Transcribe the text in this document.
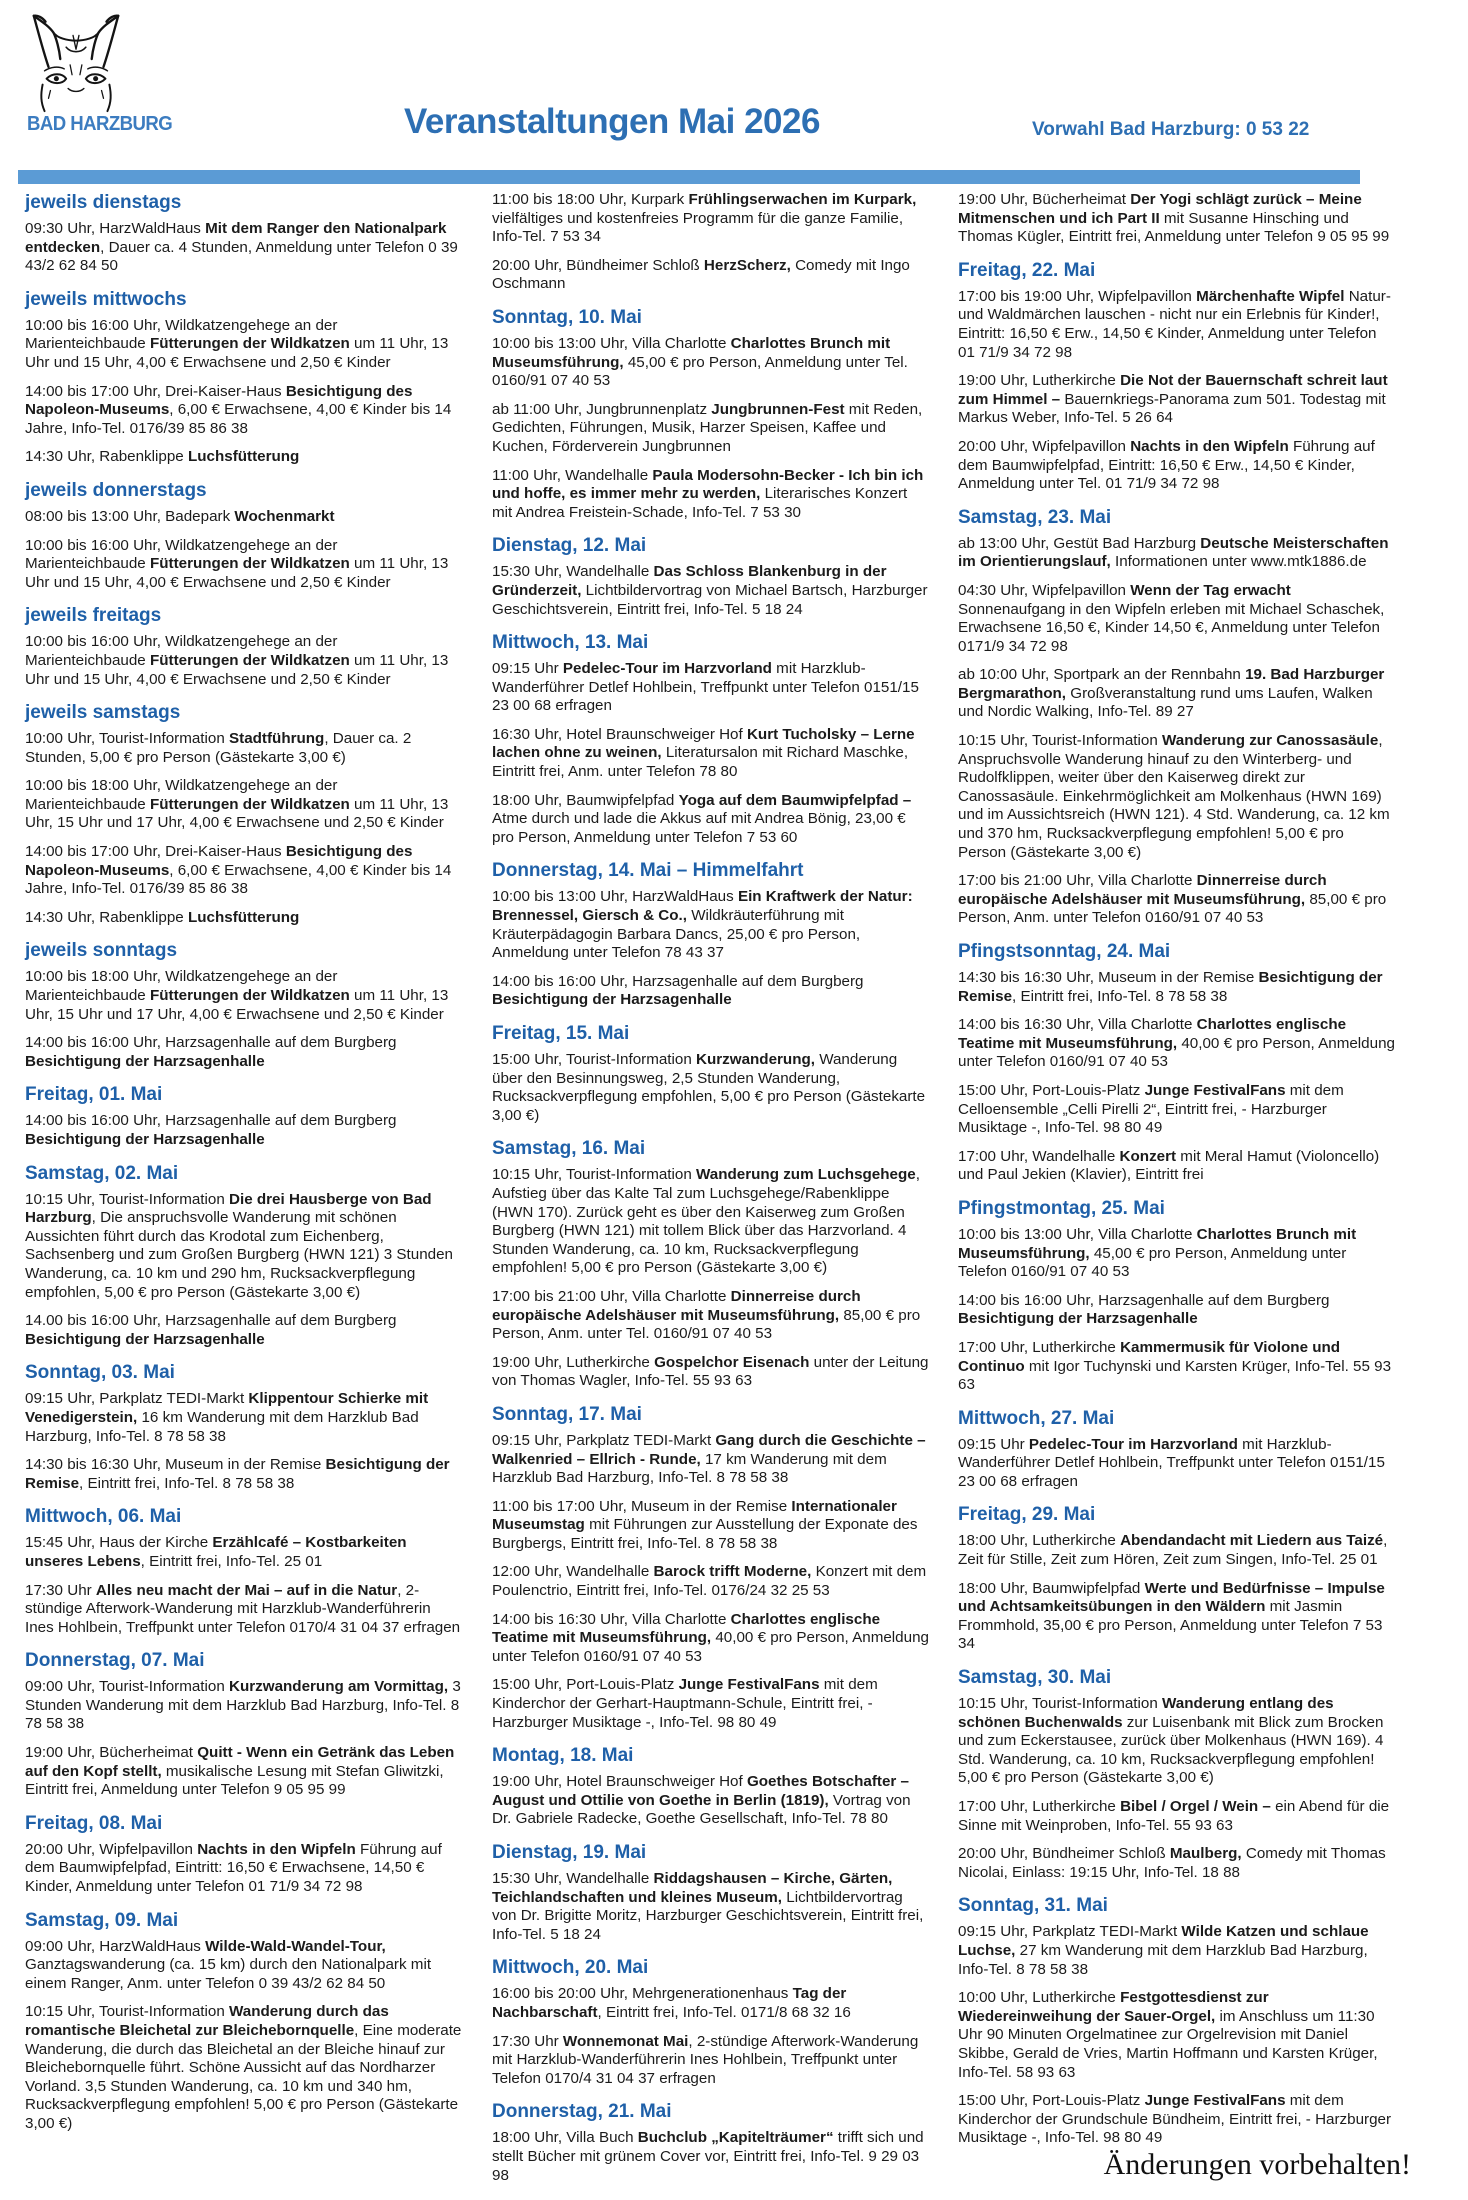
BAD HARZBURG	Veranstaltungen Mai 2026	Vorwahl Bad Harzburg: 0 53 22
jeweils dienstags

09:30 Uhr, HarzWaldHaus Mit dem Ranger den Nationalpark entdecken, Dauer ca. 4 Stunden, Anmeldung unter Telefon 0 39 43/2 62 84 50

jeweils mittwochs

10:00 bis 16:00 Uhr, Wildkatzengehege an der Marienteichbaude Fütterungen der Wildkatzen um 11 Uhr, 13 Uhr und 15 Uhr, 4,00 € Erwachsene und 2,50 € Kinder

14:00 bis 17:00 Uhr, Drei-Kaiser-Haus Besichtigung des Napoleon-Museums, 6,00 € Erwachsene, 4,00 € Kinder bis 14 Jahre, Info-Tel. 0176/39 85 86 38

14:30 Uhr, Rabenklippe Luchsfütterung

jeweils donnerstags

08:00 bis 13:00 Uhr, Badepark Wochenmarkt

10:00 bis 16:00 Uhr, Wildkatzengehege an der Marienteichbaude Fütterungen der Wildkatzen um 11 Uhr, 13 Uhr und 15 Uhr, 4,00 € Erwachsene und 2,50 € Kinder

jeweils freitags

10:00 bis 16:00 Uhr, Wildkatzengehege an der Marienteichbaude Fütterungen der Wildkatzen um 11 Uhr, 13 Uhr und 15 Uhr, 4,00 € Erwachsene und 2,50 € Kinder

jeweils samstags

10:00 Uhr, Tourist-Information Stadtführung, Dauer ca. 2 Stunden, 5,00 € pro Person (Gästekarte 3,00 €)

10:00 bis 18:00 Uhr, Wildkatzengehege an der Marienteichbaude Fütterungen der Wildkatzen um 11 Uhr, 13 Uhr, 15 Uhr und 17 Uhr, 4,00 € Erwachsene und 2,50 € Kinder

14:00 bis 17:00 Uhr, Drei-Kaiser-Haus Besichtigung des Napoleon-Museums, 6,00 € Erwachsene, 4,00 € Kinder bis 14 Jahre, Info-Tel. 0176/39 85 86 38

14:30 Uhr, Rabenklippe Luchsfütterung

jeweils sonntags

10:00 bis 18:00 Uhr, Wildkatzengehege an der Marienteichbaude Fütterungen der Wildkatzen um 11 Uhr, 13 Uhr, 15 Uhr und 17 Uhr, 4,00 € Erwachsene und 2,50 € Kinder

14:00 bis 16:00 Uhr, Harzsagenhalle auf dem Burgberg Besichtigung der Harzsagenhalle

Freitag, 01. Mai

14:00 bis 16:00 Uhr, Harzsagenhalle auf dem Burgberg Besichtigung der Harzsagenhalle

Samstag, 02. Mai

10:15 Uhr, Tourist-Information Die drei Hausberge von Bad Harzburg, Die anspruchsvolle Wanderung mit schönen Aussichten führt durch das Krodotal zum Eichenberg, Sachsenberg und zum Großen Burgberg (HWN 121) 3 Stunden Wanderung, ca. 10 km und 290 hm, Rucksackverpflegung empfohlen, 5,00 € pro Person (Gästekarte 3,00 €)

14.00 bis 16:00 Uhr, Harzsagenhalle auf dem Burgberg Besichtigung der Harzsagenhalle

Sonntag, 03. Mai

09:15 Uhr, Parkplatz TEDI-Markt Klippentour Schierke mit Venedigerstein, 16 km Wanderung mit dem Harzklub Bad Harzburg, Info-Tel. 8 78 58 38

14:30 bis 16:30 Uhr, Museum in der Remise Besichtigung der Remise, Eintritt frei, Info-Tel. 8 78 58 38

Mittwoch, 06. Mai

15:45 Uhr, Haus der Kirche Erzählcafé – Kostbarkeiten unseres Lebens, Eintritt frei, Info-Tel. 25 01

17:30 Uhr Alles neu macht der Mai – auf in die Natur, 2-stündige Afterwork-Wanderung mit Harzklub-Wanderführerin Ines Hohlbein, Treffpunkt unter Telefon 0170/4 31 04 37 erfragen

Donnerstag, 07. Mai

09:00 Uhr, Tourist-Information Kurzwanderung am Vormittag, 3 Stunden Wanderung mit dem Harzklub Bad Harzburg, Info-Tel. 8 78 58 38

19:00 Uhr, Bücherheimat Quitt - Wenn ein Getränk das Leben auf den Kopf stellt, musikalische Lesung mit Stefan Gliwitzki, Eintritt frei, Anmeldung unter Telefon 9 05 95 99

Freitag, 08. Mai

20:00 Uhr, Wipfelpavillon Nachts in den Wipfeln Führung auf dem Baumwipfelpfad, Eintritt: 16,50 € Erwachsene, 14,50 € Kinder, Anmeldung unter Telefon 01 71/9 34 72 98

Samstag, 09. Mai

09:00 Uhr, HarzWaldHaus Wilde-Wald-Wandel-Tour, Ganztagswanderung (ca. 15 km) durch den Nationalpark mit einem Ranger, Anm. unter Telefon 0 39 43/2 62 84 50

10:15 Uhr, Tourist-Information Wanderung durch das romantische Bleichetal zur Bleichebornquelle, Eine moderate Wanderung, die durch das Bleichetal an der Bleiche hinauf zur Bleichebornquelle führt. Schöne Aussicht auf das Nordharzer Vorland. 3,5 Stunden Wanderung, ca. 10 km und 340 hm, Rucksackverpflegung empfohlen! 5,00 € pro Person (Gästekarte 3,00 €)

11:00 bis 18:00 Uhr, Kurpark Frühlingserwachen im Kurpark, vielfältiges und kostenfreies Programm für die ganze Familie, Info-Tel. 7 53 34

20:00 Uhr, Bündheimer Schloß HerzScherz, Comedy mit Ingo Oschmann

Sonntag, 10. Mai

10:00 bis 13:00 Uhr, Villa Charlotte Charlottes Brunch mit Museumsführung, 45,00 € pro Person, Anmeldung unter Tel. 0160/91 07 40 53

ab 11:00 Uhr, Jungbrunnenplatz Jungbrunnen-Fest mit Reden, Gedichten, Führungen, Musik, Harzer Speisen, Kaffee und Kuchen, Förderverein Jungbrunnen

11:00 Uhr, Wandelhalle Paula Modersohn-Becker - Ich bin ich und hoffe, es immer mehr zu werden, Literarisches Konzert mit Andrea Freistein-Schade, Info-Tel. 7 53 30

Dienstag, 12. Mai

15:30 Uhr, Wandelhalle Das Schloss Blankenburg in der Gründerzeit, Lichtbildervortrag von Michael Bartsch, Harzburger Geschichtsverein, Eintritt frei, Info-Tel. 5 18 24

Mittwoch, 13. Mai

09:15 Uhr Pedelec-Tour im Harzvorland mit Harzklub-Wanderführer Detlef Hohlbein, Treffpunkt unter Telefon 0151/15 23 00 68 erfragen

16:30 Uhr, Hotel Braunschweiger Hof Kurt Tucholsky – Lerne lachen ohne zu weinen, Literatursalon mit Richard Maschke, Eintritt frei, Anm. unter Telefon 78 80

18:00 Uhr, Baumwipfelpfad Yoga auf dem Baumwipfelpfad – Atme durch und lade die Akkus auf mit Andrea Bönig, 23,00 € pro Person, Anmeldung unter Telefon 7 53 60

Donnerstag, 14. Mai – Himmelfahrt

10:00 bis 13:00 Uhr, HarzWaldHaus Ein Kraftwerk der Natur: Brennessel, Giersch & Co., Wildkräuterführung mit Kräuterpädagogin Barbara Dancs, 25,00 € pro Person, Anmeldung unter Telefon 78 43 37

14:00 bis 16:00 Uhr, Harzsagenhalle auf dem Burgberg Besichtigung der Harzsagenhalle

Freitag, 15. Mai

15:00 Uhr, Tourist-Information Kurzwanderung, Wanderung über den Besinnungsweg, 2,5 Stunden Wanderung, Rucksackverpflegung empfohlen, 5,00 € pro Person (Gästekarte 3,00 €)

Samstag, 16. Mai

10:15 Uhr, Tourist-Information Wanderung zum Luchsgehege, Aufstieg über das Kalte Tal zum Luchsgehege/Rabenklippe (HWN 170). Zurück geht es über den Kaiserweg zum Großen Burgberg (HWN 121) mit tollem Blick über das Harzvorland. 4 Stunden Wanderung, ca. 10 km, Rucksackverpflegung empfohlen! 5,00 € pro Person (Gästekarte 3,00 €)

17:00 bis 21:00 Uhr, Villa Charlotte Dinnerreise durch europäische Adelshäuser mit Museumsführung, 85,00 € pro Person, Anm. unter Tel. 0160/91 07 40 53

19:00 Uhr, Lutherkirche Gospelchor Eisenach unter der Leitung von Thomas Wagler, Info-Tel. 55 93 63

Sonntag, 17. Mai

09:15 Uhr, Parkplatz TEDI-Markt Gang durch die Geschichte – Walkenried – Ellrich - Runde, 17 km Wanderung mit dem Harzklub Bad Harzburg, Info-Tel. 8 78 58 38

11:00 bis 17:00 Uhr, Museum in der Remise Internationaler Museumstag mit Führungen zur Ausstellung der Exponate des Burgbergs, Eintritt frei, Info-Tel. 8 78 58 38

12:00 Uhr, Wandelhalle Barock trifft Moderne, Konzert mit dem Poulenctrio, Eintritt frei, Info-Tel. 0176/24 32 25 53

14:00 bis 16:30 Uhr, Villa Charlotte Charlottes englische Teatime mit Museumsführung, 40,00 € pro Person, Anmeldung unter Telefon 0160/91 07 40 53

15:00 Uhr, Port-Louis-Platz Junge FestivalFans mit dem Kinderchor der Gerhart-Hauptmann-Schule, Eintritt frei, - Harzburger Musiktage -, Info-Tel. 98 80 49

Montag, 18. Mai

19:00 Uhr, Hotel Braunschweiger Hof Goethes Botschafter – August und Ottilie von Goethe in Berlin (1819), Vortrag von Dr. Gabriele Radecke, Goethe Gesellschaft, Info-Tel. 78 80

Dienstag, 19. Mai

15:30 Uhr, Wandelhalle Riddagshausen – Kirche, Gärten, Teichlandschaften und kleines Museum, Lichtbildervortrag von Dr. Brigitte Moritz, Harzburger Geschichtsverein, Eintritt frei, Info-Tel. 5 18 24

Mittwoch, 20. Mai

16:00 bis 20:00 Uhr, Mehrgenerationenhaus Tag der Nachbarschaft, Eintritt frei, Info-Tel. 0171/8 68 32 16

17:30 Uhr Wonnemonat Mai, 2-stündige Afterwork-Wanderung mit Harzklub-Wanderführerin Ines Hohlbein, Treffpunkt unter Telefon 0170/4 31 04 37 erfragen

Donnerstag, 21. Mai

18:00 Uhr, Villa Buch Buchclub „Kapitelträumer“ trifft sich und stellt Bücher mit grünem Cover vor, Eintritt frei, Info-Tel. 9 29 03 98

19:00 Uhr, Bücherheimat Der Yogi schlägt zurück – Meine Mitmenschen und ich Part II mit Susanne Hinsching und Thomas Kügler, Eintritt frei, Anmeldung unter Telefon 9 05 95 99

Freitag, 22. Mai

17:00 bis 19:00 Uhr, Wipfelpavillon Märchenhafte Wipfel Natur- und Waldmärchen lauschen - nicht nur ein Erlebnis für Kinder!, Eintritt: 16,50 € Erw., 14,50 € Kinder, Anmeldung unter Telefon 01 71/9 34 72 98

19:00 Uhr, Lutherkirche Die Not der Bauernschaft schreit laut zum Himmel – Bauernkriegs-Panorama zum 501. Todestag mit Markus Weber, Info-Tel. 5 26 64

20:00 Uhr, Wipfelpavillon Nachts in den Wipfeln Führung auf dem Baumwipfelpfad, Eintritt: 16,50 € Erw., 14,50 € Kinder, Anmeldung unter Tel. 01 71/9 34 72 98

Samstag, 23. Mai

ab 13:00 Uhr, Gestüt Bad Harzburg Deutsche Meisterschaften im Orientierungslauf, Informationen unter www.mtk1886.de

04:30 Uhr, Wipfelpavillon Wenn der Tag erwacht Sonnenaufgang in den Wipfeln erleben mit Michael Schaschek, Erwachsene 16,50 €, Kinder 14,50 €, Anmeldung unter Telefon 0171/9 34 72 98

ab 10:00 Uhr, Sportpark an der Rennbahn 19. Bad Harzburger Bergmarathon, Großveranstaltung rund ums Laufen, Walken und Nordic Walking, Info-Tel. 89 27

10:15 Uhr, Tourist-Information Wanderung zur Canossasäule, Anspruchsvolle Wanderung hinauf zu den Winterberg- und Rudolfklippen, weiter über den Kaiserweg direkt zur Canossasäule. Einkehrmöglichkeit am Molkenhaus (HWN 169) und im Aussichtsreich (HWN 121). 4 Std. Wanderung, ca. 12 km und 370 hm, Rucksackverpflegung empfohlen! 5,00 € pro Person (Gästekarte 3,00 €)

17:00 bis 21:00 Uhr, Villa Charlotte Dinnerreise durch europäische Adelshäuser mit Museumsführung, 85,00 € pro Person, Anm. unter Telefon 0160/91 07 40 53

Pfingstsonntag, 24. Mai

14:30 bis 16:30 Uhr, Museum in der Remise Besichtigung der Remise, Eintritt frei, Info-Tel. 8 78 58 38

14:00 bis 16:30 Uhr, Villa Charlotte Charlottes englische Teatime mit Museumsführung, 40,00 € pro Person, Anmeldung unter Telefon 0160/91 07 40 53

15:00 Uhr, Port-Louis-Platz Junge FestivalFans mit dem Celloensemble „Celli Pirelli 2“, Eintritt frei, - Harzburger Musiktage -, Info-Tel. 98 80 49

17:00 Uhr, Wandelhalle Konzert mit Meral Hamut (Violoncello) und Paul Jekien (Klavier), Eintritt frei

Pfingstmontag, 25. Mai

10:00 bis 13:00 Uhr, Villa Charlotte Charlottes Brunch mit Museumsführung, 45,00 € pro Person, Anmeldung unter Telefon 0160/91 07 40 53

14:00 bis 16:00 Uhr, Harzsagenhalle auf dem Burgberg Besichtigung der Harzsagenhalle

17:00 Uhr, Lutherkirche Kammermusik für Violone und Continuo mit Igor Tuchynski und Karsten Krüger, Info-Tel. 55 93 63

Mittwoch, 27. Mai

09:15 Uhr Pedelec-Tour im Harzvorland mit Harzklub-Wanderführer Detlef Hohlbein, Treffpunkt unter Telefon 0151/15 23 00 68 erfragen

Freitag, 29. Mai

18:00 Uhr, Lutherkirche Abendandacht mit Liedern aus Taizé, Zeit für Stille, Zeit zum Hören, Zeit zum Singen, Info-Tel. 25 01

18:00 Uhr, Baumwipfelpfad Werte und Bedürfnisse – Impulse und Achtsamkeitsübungen in den Wäldern mit Jasmin Frommhold, 35,00 € pro Person, Anmeldung unter Telefon 7 53 34

Samstag, 30. Mai

10:15 Uhr, Tourist-Information Wanderung entlang des schönen Buchenwalds zur Luisenbank mit Blick zum Brocken und zum Eckerstausee, zurück über Molkenhaus (HWN 169). 4 Std. Wanderung, ca. 10 km, Rucksackverpflegung empfohlen! 5,00 € pro Person (Gästekarte 3,00 €)

17:00 Uhr, Lutherkirche Bibel / Orgel / Wein – ein Abend für die Sinne mit Weinproben, Info-Tel. 55 93 63

20:00 Uhr, Bündheimer Schloß Maulberg, Comedy mit Thomas Nicolai, Einlass: 19:15 Uhr, Info-Tel. 18 88

Sonntag, 31. Mai

09:15 Uhr, Parkplatz TEDI-Markt Wilde Katzen und schlaue Luchse, 27 km Wanderung mit dem Harzklub Bad Harzburg, Info-Tel. 8 78 58 38

10:00 Uhr, Lutherkirche Festgottesdienst zur Wiedereinweihung der Sauer-Orgel, im Anschluss um 11:30 Uhr 90 Minuten Orgelmatinee zur Orgelrevision mit Daniel Skibbe, Gerald de Vries, Martin Hoffmann und Karsten Krüger, Info-Tel. 58 93 63

15:00 Uhr, Port-Louis-Platz Junge FestivalFans mit dem Kinderchor der Grundschule Bündheim, Eintritt frei, - Harzburger Musiktage -, Info-Tel. 98 80 49

Änderungen vorbehalten!
